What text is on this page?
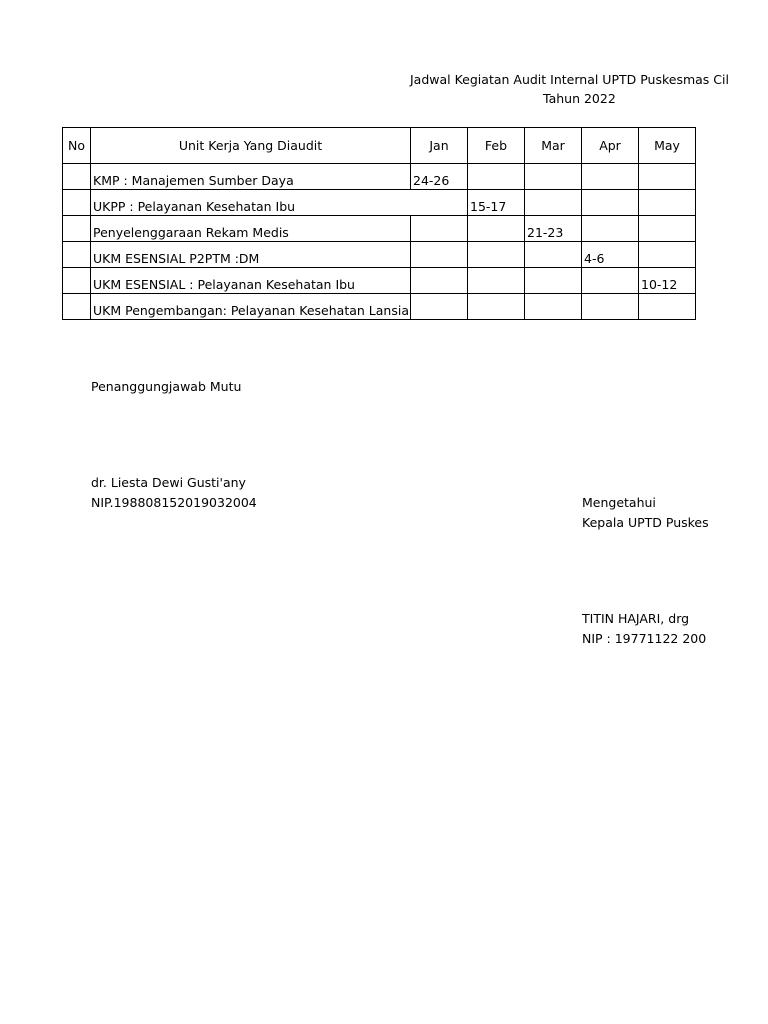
Jadwal Kegiatan Audit Internal UPTD Puskesmas Cil
Tahun 2022
No	Unit Kerja Yang Diaudit	Jan	Feb	Mar	Apr	May
	KMP : Manajemen Sumber Daya	24-26				
	UKPP : Pelayanan Kesehatan Ibu		15-17			
	Penyelenggaraan Rekam Medis			21-23		
	UKM ESENSIAL P2PTM :DM				4-6	
	UKM ESENSIAL : Pelayanan Kesehatan Ibu					10-12
	UKM Pengembangan: Pelayanan Kesehatan Lansia					
Penanggungjawab Mutu
dr. Liesta Dewi Gusti'any
NIP.198808152019032004	Mengetahui
Kepala UPTD Puskes
TITIN HAJARI, drg
NIP : 19771122 200
